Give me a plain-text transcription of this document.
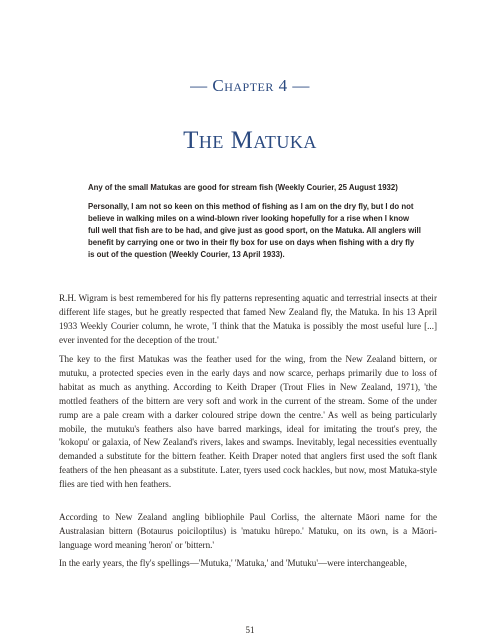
— Chapter 4 —
The Matuka

Any of the small Matukas are good for stream fish (Weekly Courier, 25 August 1932)

Personally, I am not so keen on this method of fishing as I am on the dry fly, but I do not believe in walking miles on a wind-blown river looking hopefully for a rise when I know full well that fish are to be had, and give just as good sport, on the Matuka. All anglers will benefit by carrying one or two in their fly box for use on days when fishing with a dry fly is out of the question (Weekly Courier, 13 April 1933).

R.H. Wigram is best remembered for his fly patterns representing aquatic and terrestrial insects at their different life stages, but he greatly respected that famed New Zealand fly, the Matuka. In his 13 April 1933 Weekly Courier column, he wrote, 'I think that the Matuka is possibly the most useful lure [...] ever invented for the deception of the trout.'

The key to the first Matukas was the feather used for the wing, from the New Zealand bittern, or mutuku, a protected species even in the early days and now scarce, perhaps primarily due to loss of habitat as much as anything. According to Keith Draper (Trout Flies in New Zealand, 1971), 'the mottled feathers of the bittern are very soft and work in the current of the stream. Some of the under rump are a pale cream with a darker coloured stripe down the centre.' As well as being particularly mobile, the mutuku's feathers also have barred markings, ideal for imitating the trout's prey, the 'kokopu' or galaxia, of New Zealand's rivers, lakes and swamps. Inevitably, legal necessities eventually demanded a substitute for the bittern feather. Keith Draper noted that anglers first used the soft flank feathers of the hen pheasant as a substitute. Later, tyers used cock hackles, but now, most Matuka-style flies are tied with hen feathers.

According to New Zealand angling bibliophile Paul Corliss, the alternate Māori name for the Australasian bittern (Botaurus poiciloptilus) is 'matuku hūrepo.' Matuku, on its own, is a Māori-language word meaning 'heron' or 'bittern.'

In the early years, the fly's spellings—'Mutuka,' 'Matuka,' and 'Mutuku'—were interchangeable,

51
